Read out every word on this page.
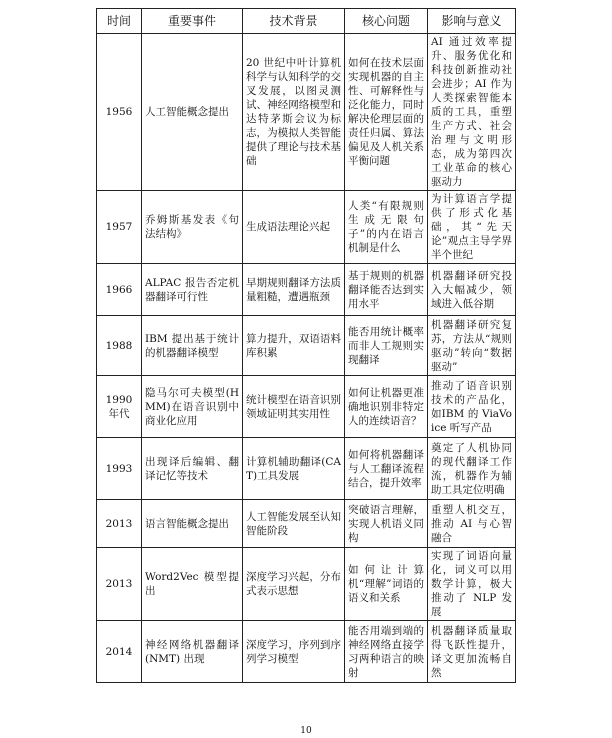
时间	重要事件	技术背景	核心问题	影响与意义
1956	人工智能概念提出	20 世纪中叶计算机科学与认知科学的交叉发展，以图灵测试、神经网络模型和达特茅斯会议为标志，为模拟人类智能提供了理论与技术基础	如何在技术层面实现机器的自主性、可解释性与泛化能力，同时解决伦理层面的责任归属、算法偏见及人机关系平衡问题	AI 通过效率提升、服务优化和科技创新推动社会进步；AI 作为人类探索智能本质的工具，重塑生产方式、社会治理与文明形态，成为第四次工业革命的核心驱动力
1957	乔姆斯基发表《句法结构》	生成语法理论兴起	人类“有限规则生成无限句子”的内在语言机制是什么	为计算语言学提供了形式化基础，其“先天论”观点主导学界半个世纪
1966	ALPAC 报告否定机器翻译可行性	早期规则翻译方法质量粗糙，遭遇瓶颈	基于规则的机器翻译能否达到实用水平	机器翻译研究投入大幅减少，领域进入低谷期
1988	IBM 提出基于统计的机器翻译模型	算力提升，双语语料库积累	能否用统计概率而非人工规则实现翻译	机器翻译研究复苏，方法从“规则驱动”转向“数据驱动”
1990 年代	隐马尔可夫模型(HMM)在语音识别中商业化应用	统计模型在语音识别领域证明其实用性	如何让机器更准确地识别非特定人的连续语音？	推动了语音识别技术的产品化，如IBM 的 ViaVoice 听写产品
1993	出现译后编辑、翻译记忆等技术	计算机辅助翻译(CAT)工具发展	如何将机器翻译与人工翻译流程结合，提升效率	奠定了人机协同的现代翻译工作流，机器作为辅助工具定位明确
2013	语言智能概念提出	人工智能发展至认知智能阶段	突破语言理解，实现人机语义同构	重塑人机交互，推动 AI 与心智融合
2013	Word2Vec 模型提出	深度学习兴起，分布式表示思想	如何让计算机“理解”词语的语义和关系	实现了词语向量化，词义可以用数学计算，极大推动了 NLP 发展
2014	神经网络机器翻译(NMT) 出现	深度学习，序列到序列学习模型	能否用端到端的神经网络直接学习两种语言的映射	机器翻译质量取得飞跃性提升，译文更加流畅自然
10
